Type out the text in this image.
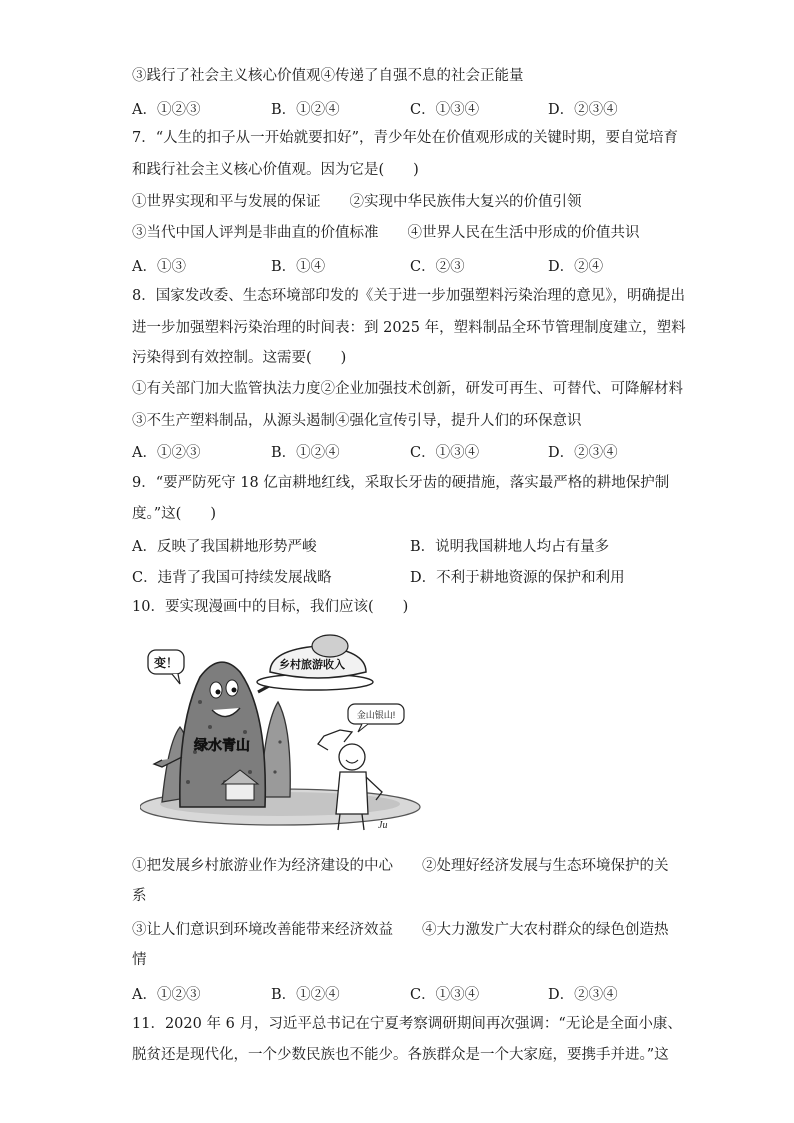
③践行了社会主义核心价值观④传递了自强不息的社会正能量
A．①②③	B．①②④	C．①③④	D．②③④
7．“人生的扣子从一开始就要扣好”，青少年处在价值观形成的关键时期，要自觉培育
和践行社会主义核心价值观。因为它是(　　)
①世界实现和平与发展的保证　　②实现中华民族伟大复兴的价值引领
③当代中国人评判是非曲直的价值标准　　④世界人民在生活中形成的价值共识
A．①③	B．①④	C．②③	D．②④
8．国家发改委、生态环境部印发的《关于进一步加强塑料污染治理的意见》，明确提出
进一步加强塑料污染治理的时间表：到 2025 年，塑料制品全环节管理制度建立，塑料
污染得到有效控制。这需要(　　)
①有关部门加大监管执法力度②企业加强技术创新，研发可再生、可替代、可降解材料
③不生产塑料制品，从源头遏制④强化宣传引导，提升人们的环保意识
A．①②③	B．①②④	C．①③④	D．②③④
9．“要严防死守 18 亿亩耕地红线，采取长牙齿的硬措施，落实最严格的耕地保护制
度。”这(　　)
A．反映了我国耕地形势严峻	B．说明我国耕地人均占有量多
C．违背了我国可持续发展战略	D．不利于耕地资源的保护和利用
10．要实现漫画中的目标，我们应该(　　)
绿水青山
变！	乡村旅游收入
金山银山!
Ju
①把发展乡村旅游业作为经济建设的中心　　②处理好经济发展与生态环境保护的关
系
③让人们意识到环境改善能带来经济效益　　④大力激发广大农村群众的绿色创造热
情
A．①②③	B．①②④	C．①③④	D．②③④
11．2020 年 6 月，习近平总书记在宁夏考察调研期间再次强调：“无论是全面小康、
脱贫还是现代化，一个少数民族也不能少。各族群众是一个大家庭，要携手并进。”这
